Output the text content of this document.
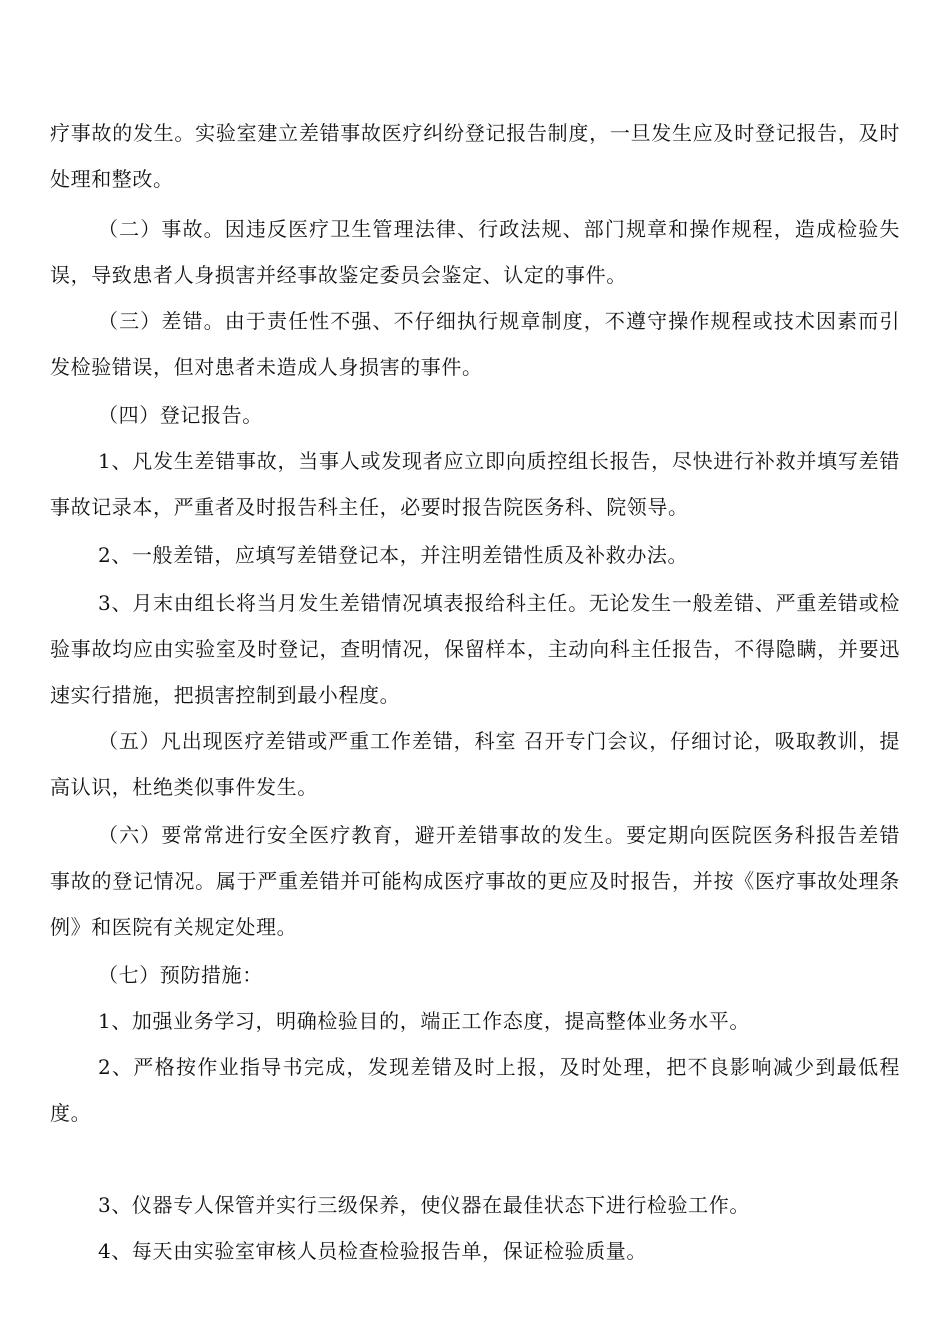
疗事故的发生。实验室建立差错事故医疗纠纷登记报告制度，一旦发生应及时登记报告，及时处理和整改。

（二）事故。因违反医疗卫生管理法律、行政法规、部门规章和操作规程，造成检验失误，导致患者人身损害并经事故鉴定委员会鉴定、认定的事件。

（三）差错。由于责任性不强、不仔细执行规章制度，不遵守操作规程或技术因素而引发检验错误，但对患者未造成人身损害的事件。

（四）登记报告。

1、凡发生差错事故，当事人或发现者应立即向质控组长报告，尽快进行补救并填写差错事故记录本，严重者及时报告科主任，必要时报告院医务科、院领导。

2、一般差错，应填写差错登记本，并注明差错性质及补救办法。

3、月末由组长将当月发生差错情况填表报给科主任。无论发生一般差错、严重差错或检验事故均应由实验室及时登记，查明情况，保留样本，主动向科主任报告，不得隐瞒，并要迅速实行措施，把损害控制到最小程度。

（五）凡出现医疗差错或严重工作差错，科室 召开专门会议，仔细讨论，吸取教训，提高认识，杜绝类似事件发生。

（六）要常常进行安全医疗教育，避开差错事故的发生。要定期向医院医务科报告差错事故的登记情况。属于严重差错并可能构成医疗事故的更应及时报告，并按《医疗事故处理条例》和医院有关规定处理。

（七）预防措施：

1、加强业务学习，明确检验目的，端正工作态度，提高整体业务水平。

2、严格按作业指导书完成，发现差错及时上报，及时处理，把不良影响减少到最低程度。

3、仪器专人保管并实行三级保养，使仪器在最佳状态下进行检验工作。

4、每天由实验室审核人员检查检验报告单，保证检验质量。
